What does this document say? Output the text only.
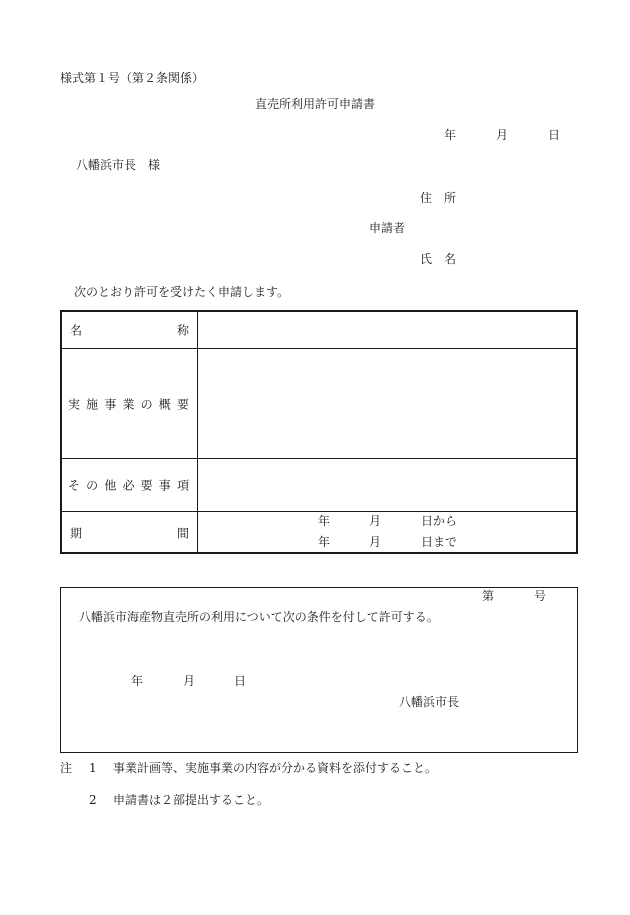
様式第１号（第２条関係）
直売所利用許可申請書
年	月	日
八幡浜市長　様
住　所
申請者
氏　名
次のとおり許可を受けたく申請します。
名	称
実 施 事 業 の 概 要
そ の 他 必 要 事 項
期	間
年	月	日から
年	月	日まで
第	号
八幡浜市海産物直売所の利用について次の条件を付して許可する。
年	月	日
八幡浜市長
注 1 事業計画等、実施事業の内容が分かる資料を添付すること。
2 申請書は２部提出すること。
